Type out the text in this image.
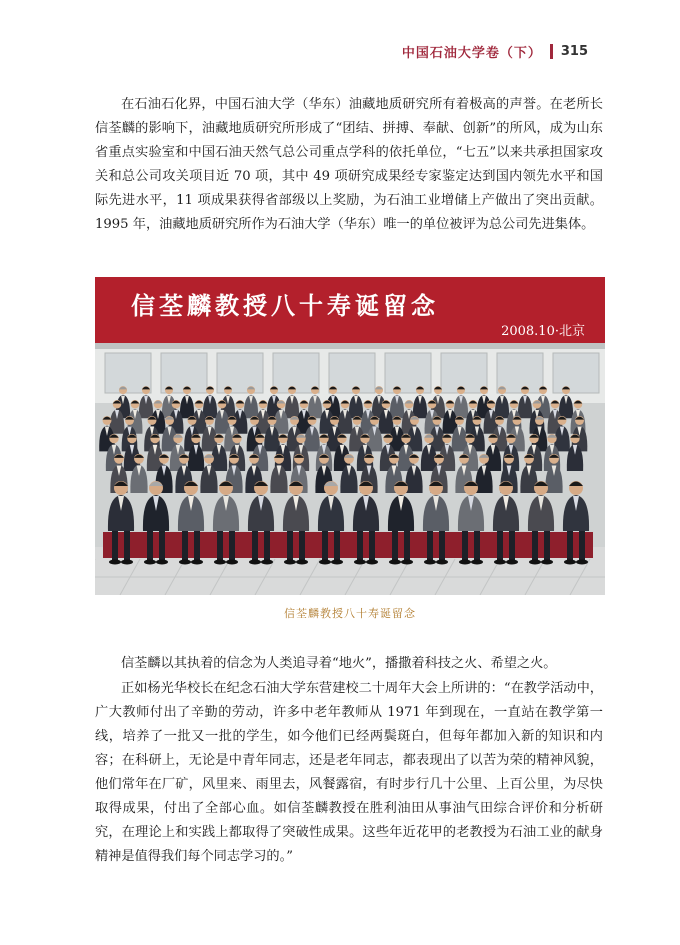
中国石油大学卷（下） 315

在石油石化界，中国石油大学（华东）油藏地质研究所有着极高的声誉。在老所长信荃麟的影响下，油藏地质研究所形成了“团结、拼搏、奉献、创新”的所风，成为山东省重点实验室和中国石油天然气总公司重点学科的依托单位，“七五”以来共承担国家攻关和总公司攻关项目近 70 项，其中 49 项研究成果经专家鉴定达到国内领先水平和国际先进水平，11 项成果获得省部级以上奖励，为石油工业增储上产做出了突出贡献。1995 年，油藏地质研究所作为石油大学（华东）唯一的单位被评为总公司先进集体。

信荃麟教授八十寿诞留念
2008.10·北京
信荃麟教授八十寿诞留念

信荃麟以其执着的信念为人类追寻着“地火”，播撒着科技之火、希望之火。

正如杨光华校长在纪念石油大学东营建校二十周年大会上所讲的：“在教学活动中，广大教师付出了辛勤的劳动，许多中老年教师从 1971 年到现在，一直站在教学第一线，培养了一批又一批的学生，如今他们已经两鬓斑白，但每年都加入新的知识和内容；在科研上，无论是中青年同志，还是老年同志，都表现出了以苦为荣的精神风貌，他们常年在厂矿，风里来、雨里去，风餐露宿，有时步行几十公里、上百公里，为尽快取得成果，付出了全部心血。如信荃麟教授在胜利油田从事油气田综合评价和分析研究，在理论上和实践上都取得了突破性成果。这些年近花甲的老教授为石油工业的献身精神是值得我们每个同志学习的。”
